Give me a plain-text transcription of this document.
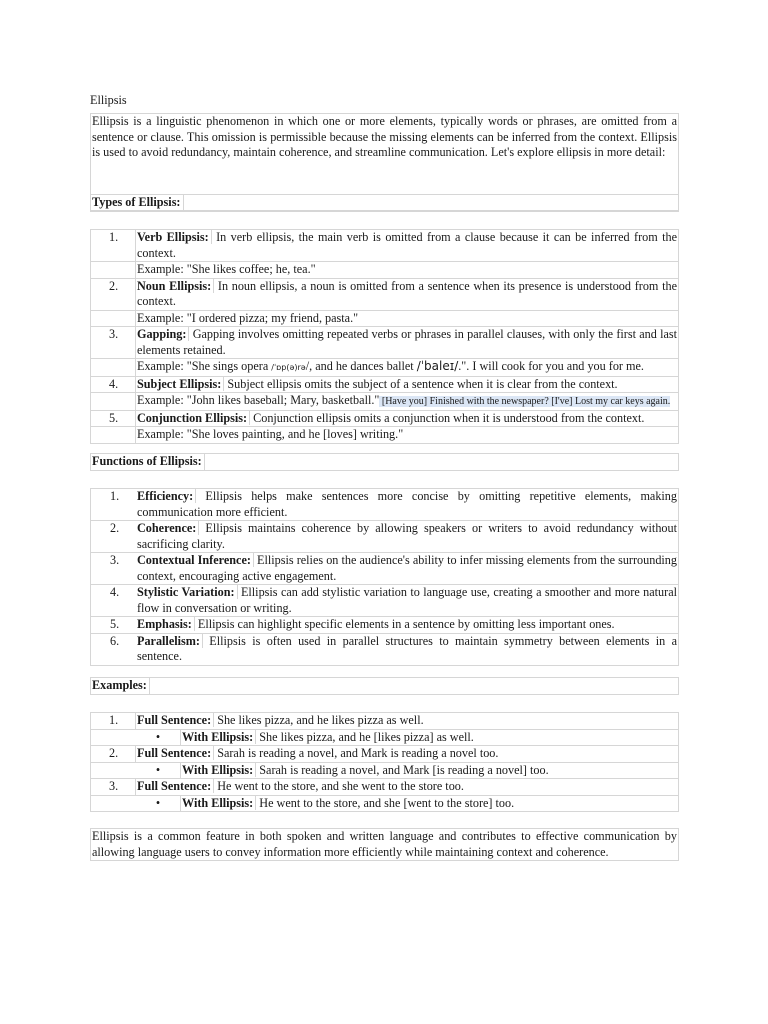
Ellipsis
Ellipsis is a linguistic phenomenon in which one or more elements, typically words or phrases, are omitted from a sentence or clause. This omission is permissible because the missing elements can be inferred from the context. Ellipsis is used to avoid redundancy, maintain coherence, and streamline communication. Let's explore ellipsis in more detail:
Types of Ellipsis:
1.	Verb Ellipsis: In verb ellipsis, the main verb is omitted from a clause because it can be inferred from the context.
Example: "She likes coffee; he, tea."
2.	Noun Ellipsis: In noun ellipsis, a noun is omitted from a sentence when its presence is understood from the context.
Example: "I ordered pizza; my friend, pasta."
3.	Gapping: Gapping involves omitting repeated verbs or phrases in parallel clauses, with only the first and last elements retained.
Example: "She sings opera /ˈɒp(ə)rə/, and he dances ballet /ˈbaleɪ/.". I will cook for you and you for me.
4.	Subject Ellipsis: Subject ellipsis omits the subject of a sentence when it is clear from the context.
Example: "John likes baseball; Mary, basketball." [Have you] Finished with the newspaper? [I've] Lost my car keys again.
5.	Conjunction Ellipsis: Conjunction ellipsis omits a conjunction when it is understood from the context.
Example: "She loves painting, and he [loves] writing."
Functions of Ellipsis:
1.	Efficiency: Ellipsis helps make sentences more concise by omitting repetitive elements, making communication more efficient.
2.	Coherence: Ellipsis maintains coherence by allowing speakers or writers to avoid redundancy without sacrificing clarity.
3.	Contextual Inference: Ellipsis relies on the audience's ability to infer missing elements from the surrounding context, encouraging active engagement.
4.	Stylistic Variation: Ellipsis can add stylistic variation to language use, creating a smoother and more natural flow in conversation or writing.
5.	Emphasis: Ellipsis can highlight specific elements in a sentence by omitting less important ones.
6.	Parallelism: Ellipsis is often used in parallel structures to maintain symmetry between elements in a sentence.
Examples:
1.	Full Sentence: She likes pizza, and he likes pizza as well.
•	With Ellipsis: She likes pizza, and he [likes pizza] as well.
2.	Full Sentence: Sarah is reading a novel, and Mark is reading a novel too.
•	With Ellipsis: Sarah is reading a novel, and Mark [is reading a novel] too.
3.	Full Sentence: He went to the store, and she went to the store too.
•	With Ellipsis: He went to the store, and she [went to the store] too.
Ellipsis is a common feature in both spoken and written language and contributes to effective communication by allowing language users to convey information more efficiently while maintaining context and coherence.
